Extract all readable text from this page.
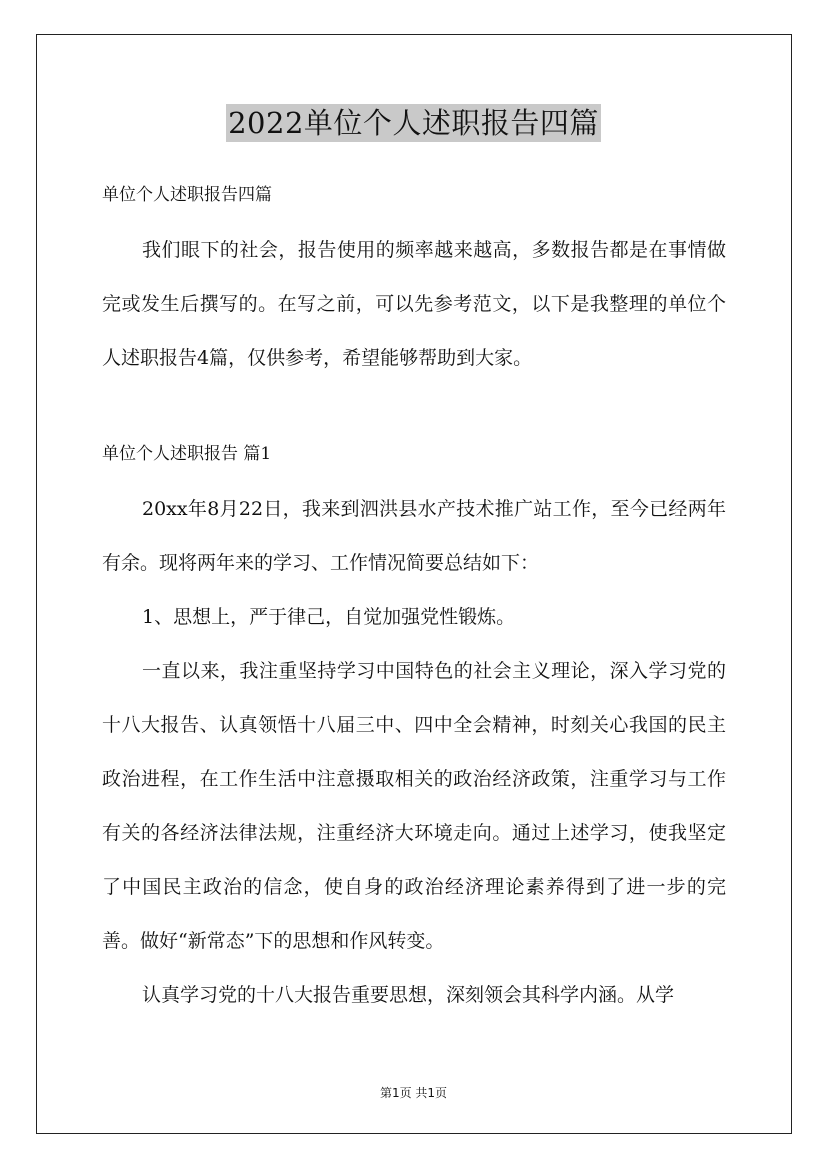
2022单位个人述职报告四篇

单位个人述职报告四篇

我们眼下的社会，报告使用的频率越来越高，多数报告都是在事情做完或发生后撰写的。在写之前，可以先参考范文，以下是我整理的单位个人述职报告4篇，仅供参考，希望能够帮助到大家。

单位个人述职报告 篇1

20xx年8月22日，我来到泗洪县水产技术推广站工作，至今已经两年有余。现将两年来的学习、工作情况简要总结如下：

1、思想上，严于律己，自觉加强党性锻炼。

一直以来，我注重坚持学习中国特色的社会主义理论，深入学习党的十八大报告、认真领悟十八届三中、四中全会精神，时刻关心我国的民主政治进程，在工作生活中注意摄取相关的政治经济政策，注重学习与工作有关的各经济法律法规，注重经济大环境走向。通过上述学习，使我坚定了中国民主政治的信念，使自身的政治经济理论素养得到了进一步的完善。做好“新常态”下的思想和作风转变。

认真学习党的十八大报告重要思想，深刻领会其科学内涵。从学

第1页 共1页
